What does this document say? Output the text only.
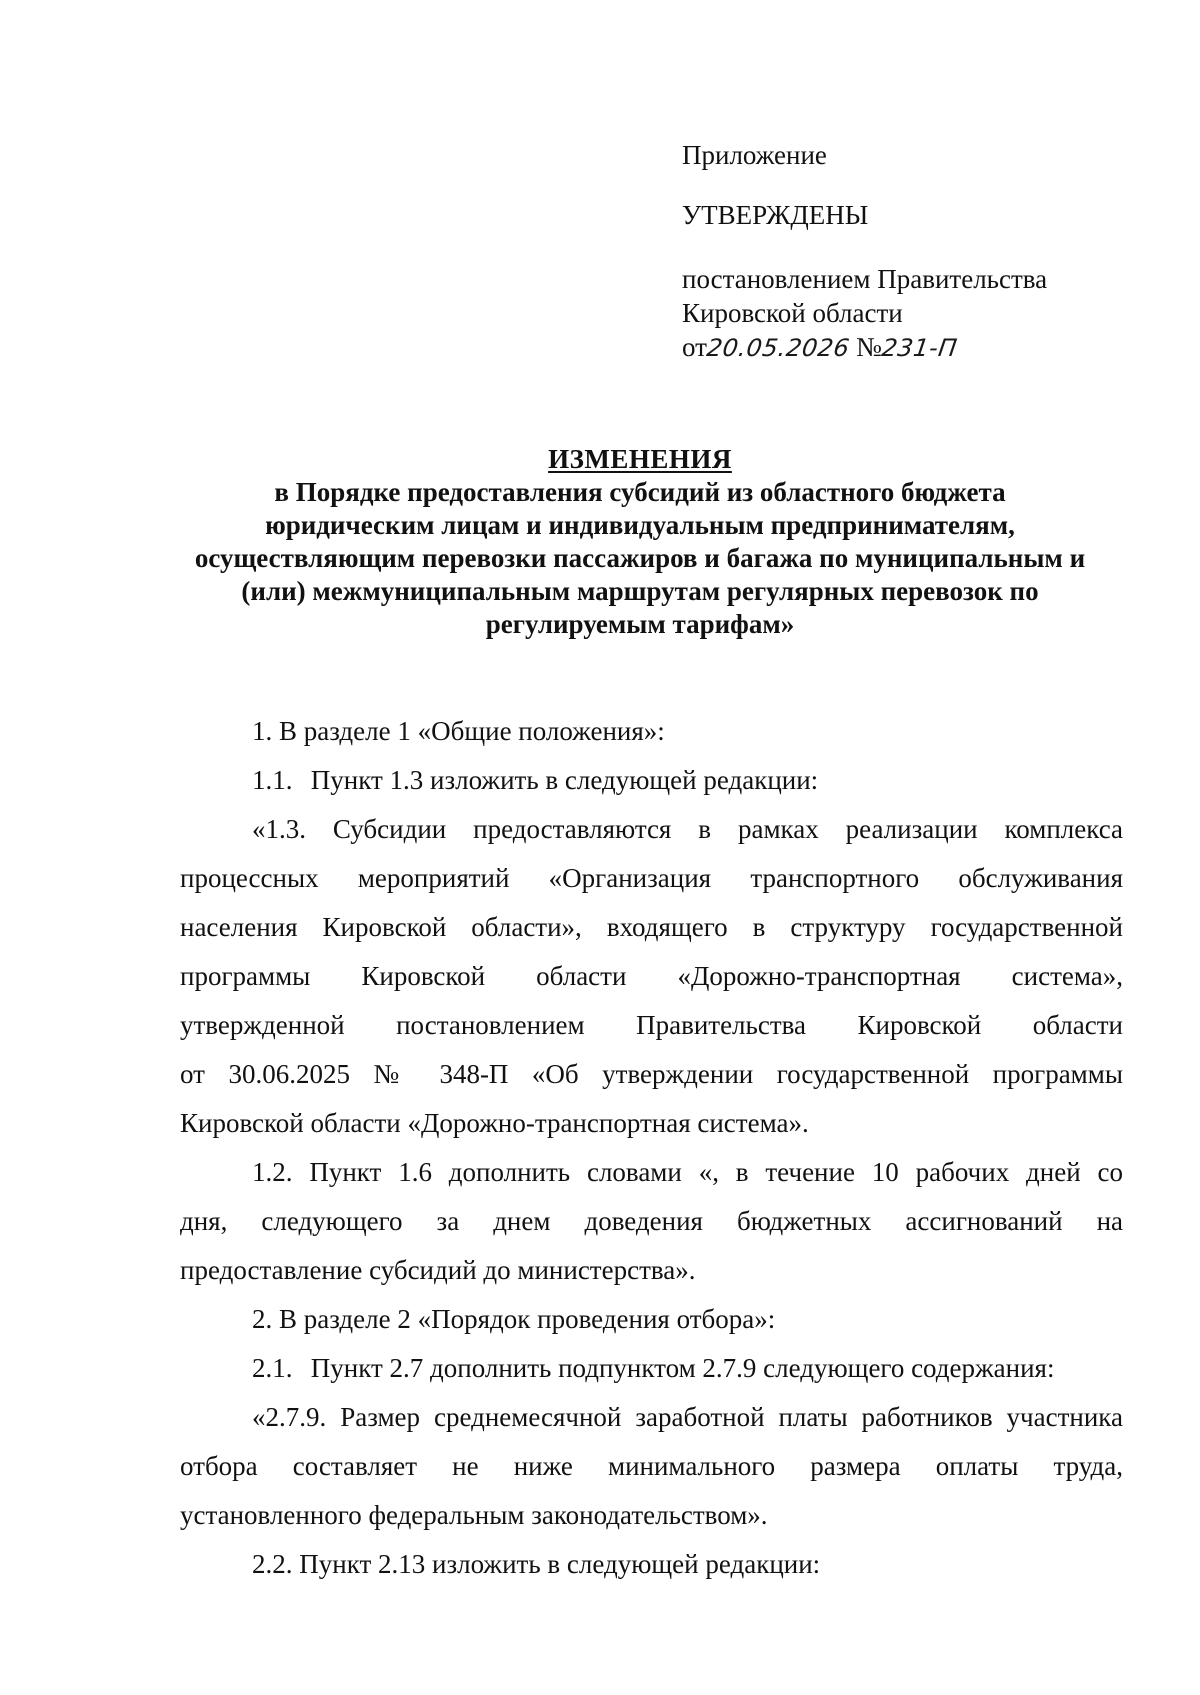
Приложение
УТВЕРЖДЕНЫ
постановлением Правительства
Кировской области
от20.05.2026 №231-П
ИЗМЕНЕНИЯ
в Порядке предоставления субсидий из областного бюджета
юридическим лицам и индивидуальным предпринимателям,
осуществляющим перевозки пассажиров и багажа по муниципальным и
(или) межмуниципальным маршрутам регулярных перевозок по
регулируемым тарифам»

1. В разделе 1 «Общие положения»:

1.1. Пункт 1.3 изложить в следующей редакции:

«1.3. Субсидии предоставляются в рамках реализации комплекса

процессных мероприятий «Организация транспортного обслуживания

населения Кировской области», входящего в структуру государственной

программы Кировской области «Дорожно-транспортная система»,

утвержденной постановлением Правительства Кировской области

от 30.06.2025 № 348-П «Об утверждении государственной программы

Кировской области «Дорожно-транспортная система».

1.2. Пункт 1.6 дополнить словами «, в течение 10 рабочих дней со

дня, следующего за днем доведения бюджетных ассигнований на

предоставление субсидий до министерства».

2. В разделе 2 «Порядок проведения отбора»:

2.1. Пункт 2.7 дополнить подпунктом 2.7.9 следующего содержания:

«2.7.9. Размер среднемесячной заработной платы работников участника

отбора составляет не ниже минимального размера оплаты труда,

установленного федеральным законодательством».

2.2. Пункт 2.13 изложить в следующей редакции:
